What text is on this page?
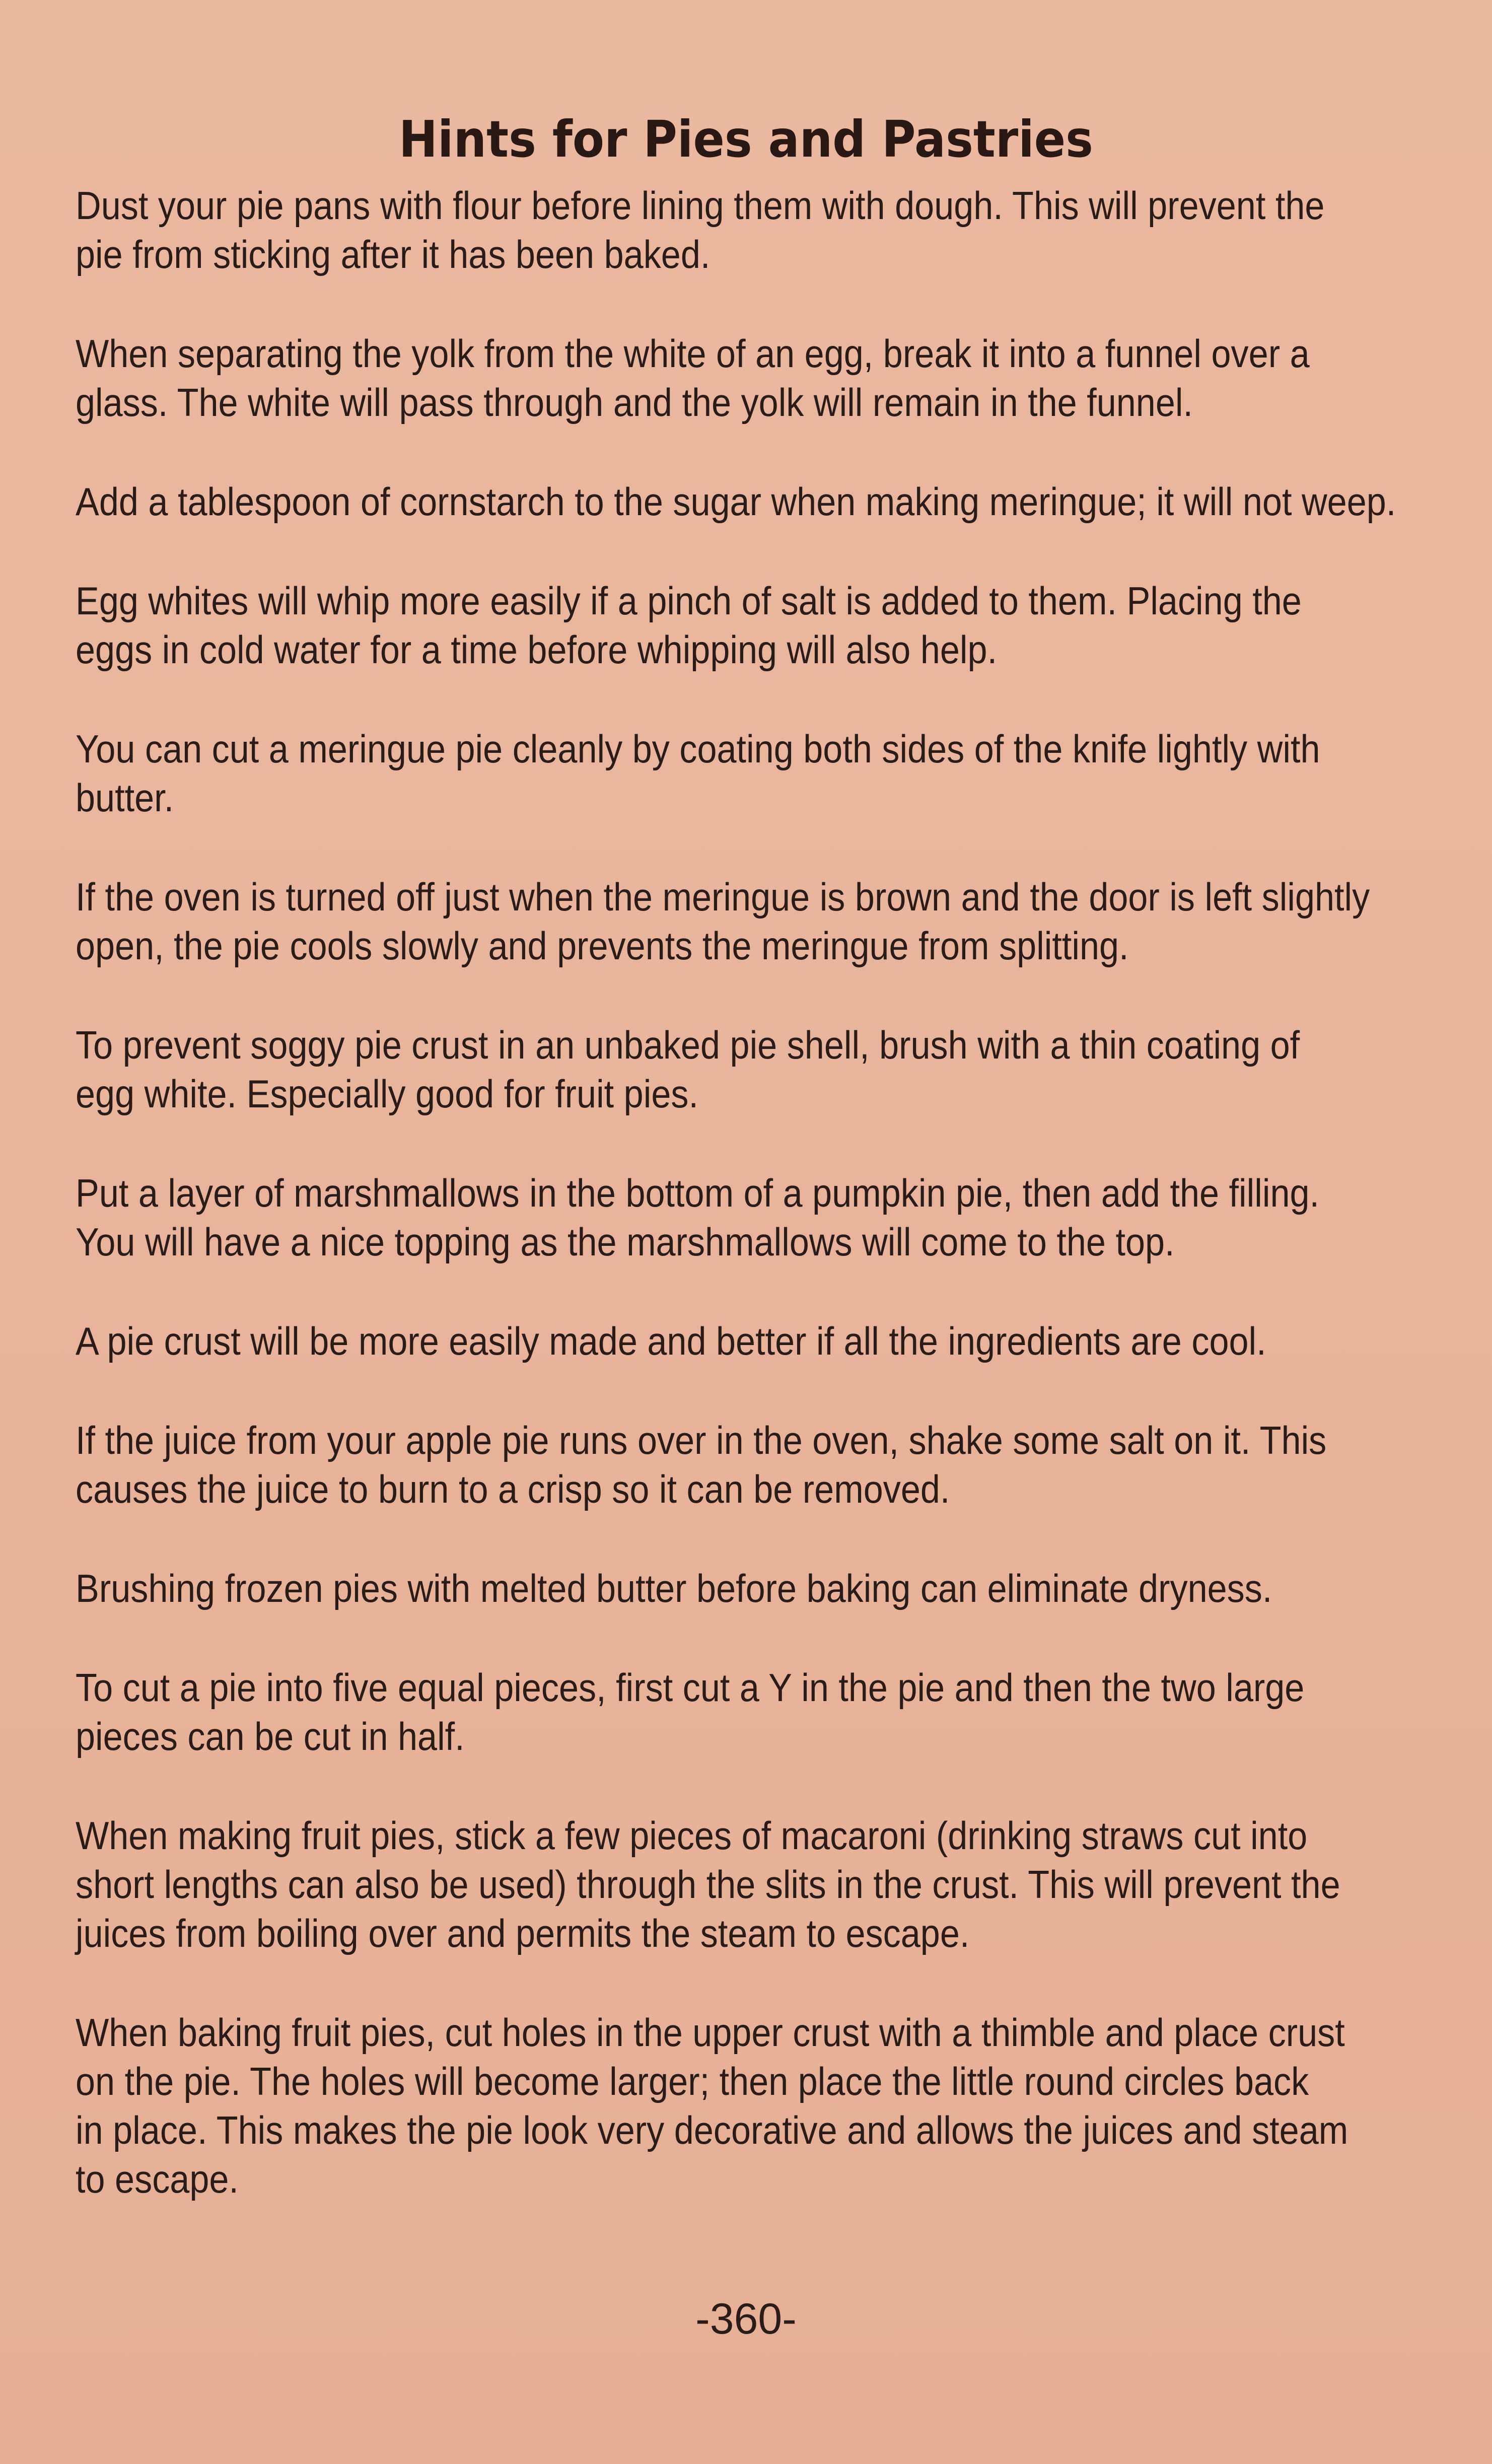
Hints for Pies and Pastries

Dust your pie pans with flour before lining them with dough. This will prevent the
pie from sticking after it has been baked.

When separating the yolk from the white of an egg, break it into a funnel over a
glass. The white will pass through and the yolk will remain in the funnel.

Add a tablespoon of cornstarch to the sugar when making meringue; it will not weep.

Egg whites will whip more easily if a pinch of salt is added to them. Placing the
eggs in cold water for a time before whipping will also help.

You can cut a meringue pie cleanly by coating both sides of the knife lightly with
butter.

If the oven is turned off just when the meringue is brown and the door is left slightly
open, the pie cools slowly and prevents the meringue from splitting.

To prevent soggy pie crust in an unbaked pie shell, brush with a thin coating of
egg white. Especially good for fruit pies.

Put a layer of marshmallows in the bottom of a pumpkin pie, then add the filling.
You will have a nice topping as the marshmallows will come to the top.

A pie crust will be more easily made and better if all the ingredients are cool.

If the juice from your apple pie runs over in the oven, shake some salt on it. This
causes the juice to burn to a crisp so it can be removed.

Brushing frozen pies with melted butter before baking can eliminate dryness.

To cut a pie into five equal pieces, first cut a Y in the pie and then the two large
pieces can be cut in half.

When making fruit pies, stick a few pieces of macaroni (drinking straws cut into
short lengths can also be used) through the slits in the crust. This will prevent the
juices from boiling over and permits the steam to escape.

When baking fruit pies, cut holes in the upper crust with a thimble and place crust
on the pie. The holes will become larger; then place the little round circles back
in place. This makes the pie look very decorative and allows the juices and steam
to escape.

-360-
